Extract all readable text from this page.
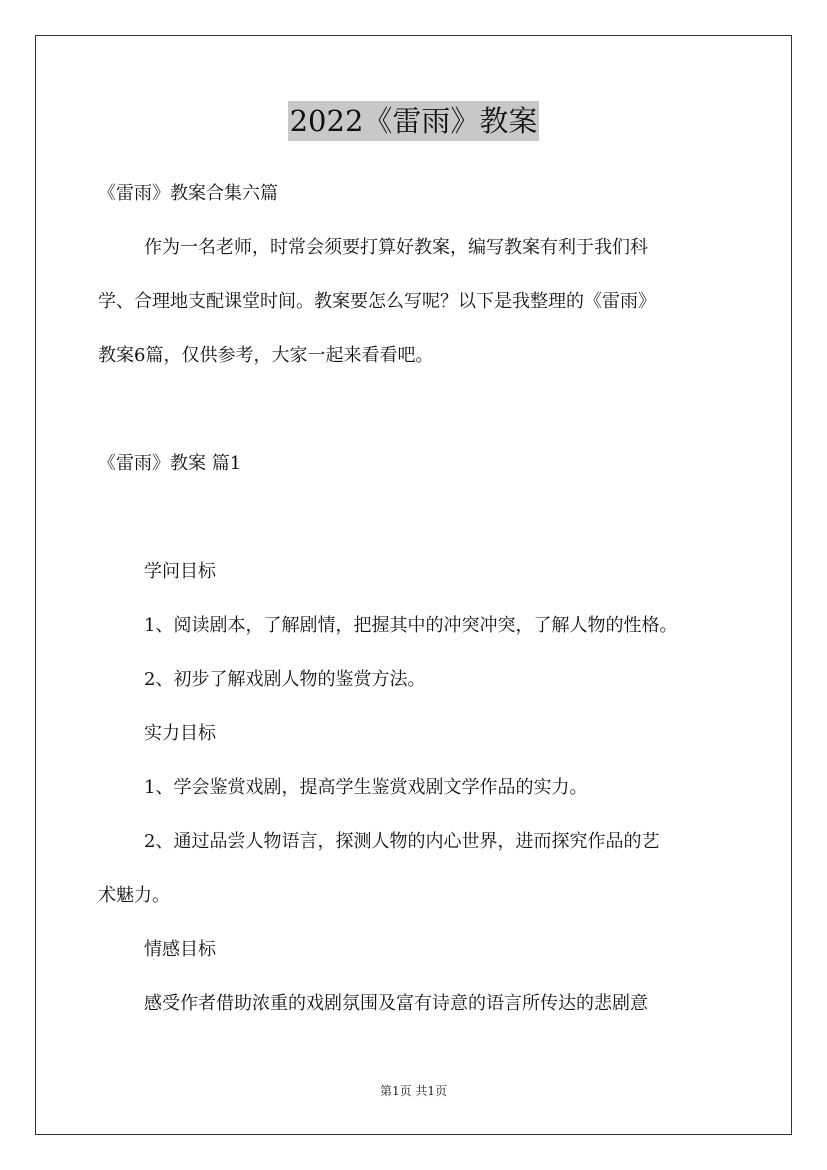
2022《雷雨》教案
《雷雨》教案合集六篇
作为一名老师，时常会须要打算好教案，编写教案有利于我们科
学、合理地支配课堂时间。教案要怎么写呢？以下是我整理的《雷雨》
教案6篇，仅供参考，大家一起来看看吧。
《雷雨》教案 篇1
学问目标
1、阅读剧本，了解剧情，把握其中的冲突冲突，了解人物的性格。
2、初步了解戏剧人物的鉴赏方法。
实力目标
1、学会鉴赏戏剧，提高学生鉴赏戏剧文学作品的实力。
2、通过品尝人物语言，探测人物的内心世界，进而探究作品的艺
术魅力。
情感目标
感受作者借助浓重的戏剧氛围及富有诗意的语言所传达的悲剧意
第1页 共1页
